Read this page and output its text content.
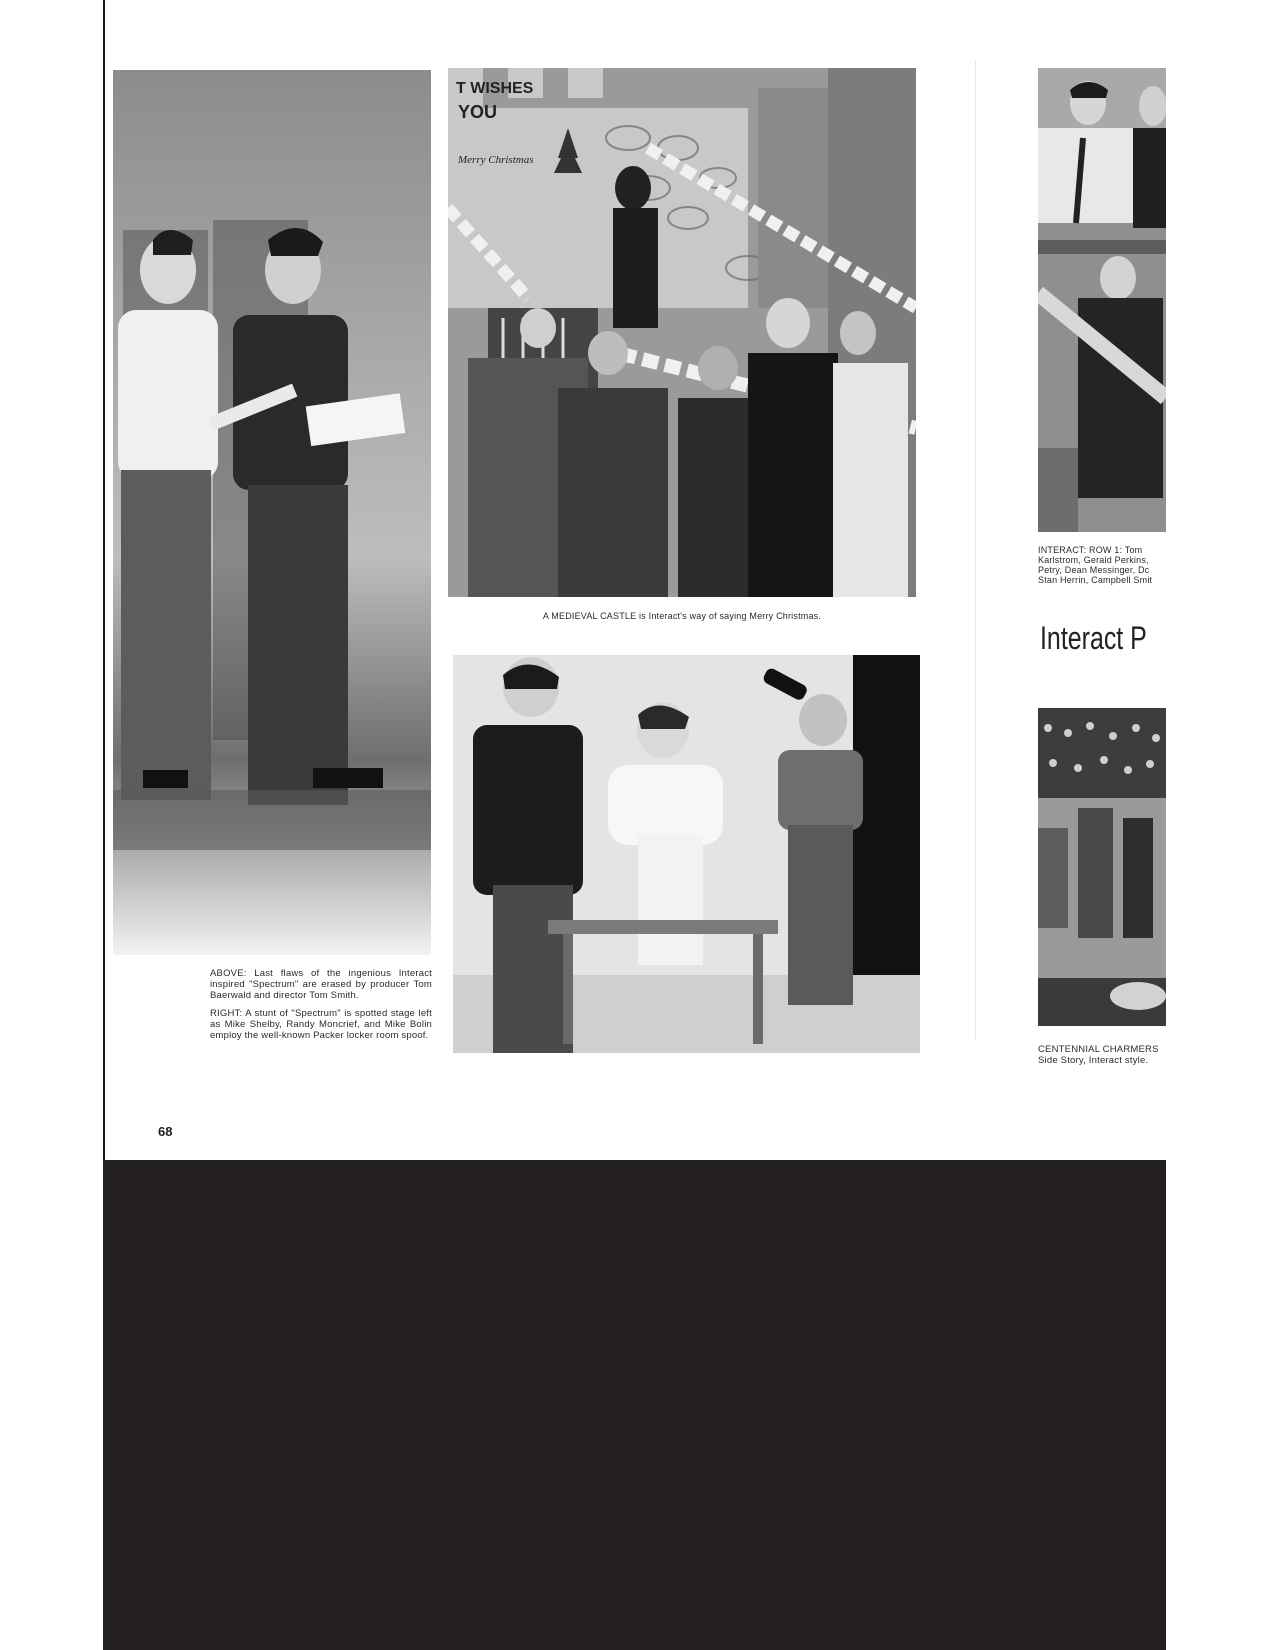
T WISHES
YOU
Merry Christmas
A MEDIEVAL CASTLE is Interact's way of saying Merry Christmas.

ABOVE: Last flaws of the ingenious Interact inspired "Spectrum" are erased by producer Tom Baerwald and director Tom Smith.

RIGHT: A stunt of "Spectrum" is spotted stage left as Mike Shelby, Randy Moncrief, and Mike Bolin employ the well-known Packer locker room spoof.

68
INTERACT: ROW 1: Tom
Karlstrom, Gerald Perkins,
Petry, Dean Messinger, Dc
Stan Herrin, Campbell Smit
Interact P
CENTENNIAL CHARMERS
Side Story, Interact style.
